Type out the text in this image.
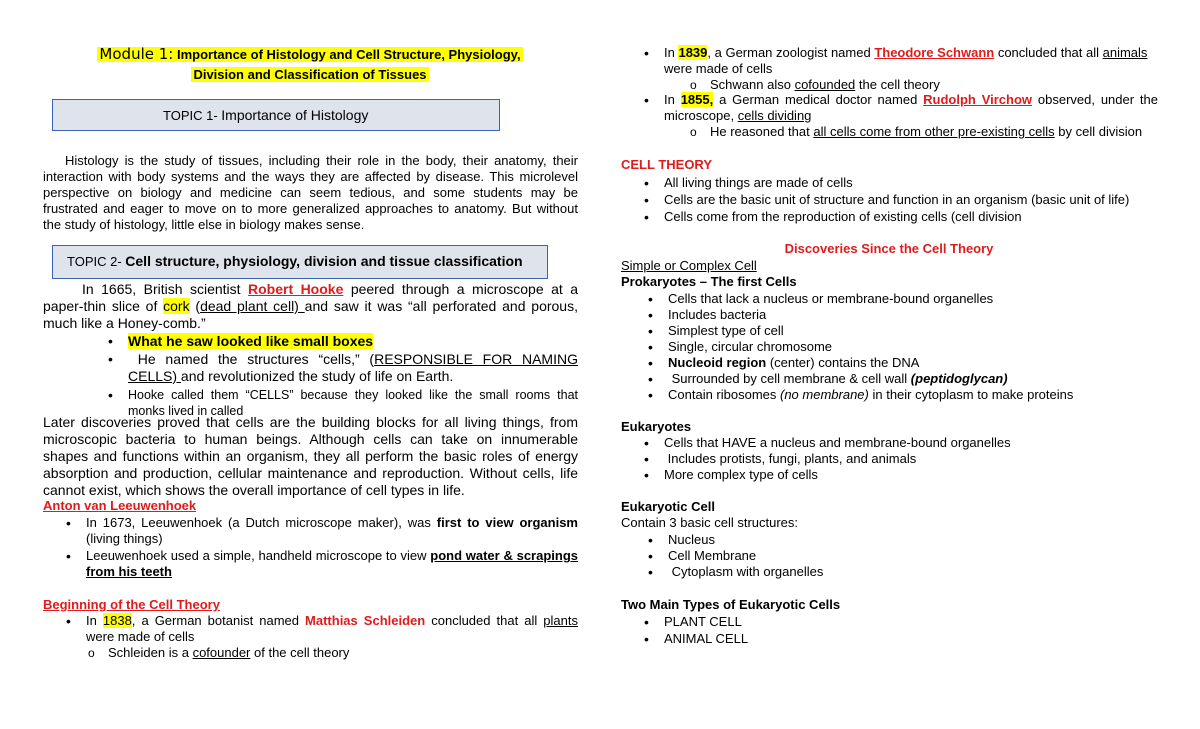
Module 1: Importance of Histology and Cell Structure, Physiology,
Division and Classification of Tissues
TOPIC 1- Importance of Histology
Histology is the study of tissues, including their role in the body, their anatomy, their interaction with body systems and the ways they are affected by disease. This microlevel perspective on biology and medicine can seem tedious, and some students may be frustrated and eager to move on to more generalized approaches to anatomy. But without the study of histology, little else in biology makes sense.
TOPIC 2- Cell structure, physiology, division and tissue classification
In 1665, British scientist Robert Hooke peered through a microscope at a paper-thin slice of cork (dead plant cell) and saw it was “all perforated and porous, much like a Honey-comb.”
• What he saw looked like small boxes
• He named the structures “cells,” (RESPONSIBLE FOR NAMING CELLS) and revolutionized the study of life on Earth.
• Hooke called them “CELLS” because they looked like the small rooms that monks lived in called
Later discoveries proved that cells are the building blocks for all living things, from microscopic bacteria to human beings. Although cells can take on innumerable shapes and functions within an organism, they all perform the basic roles of energy absorption and production, cellular maintenance and reproduction. Without cells, life cannot exist, which shows the overall importance of cell types in life.
Anton van Leeuwenhoek
• In 1673, Leeuwenhoek (a Dutch microscope maker), was first to view organism (living things)
• Leeuwenhoek used a simple, handheld microscope to view pond water & scrapings from his teeth
Beginning of the Cell Theory
• In 1838, a German botanist named Matthias Schleiden concluded that all plants were made of cells
o Schleiden is a cofounder of the cell theory
• In 1839, a German zoologist named Theodore Schwann concluded that all animals were made of cells
o Schwann also cofounded the cell theory
• In 1855, a German medical doctor named Rudolph Virchow observed, under the microscope, cells dividing
o He reasoned that all cells come from other pre-existing cells by cell division
CELL THEORY
• All living things are made of cells
• Cells are the basic unit of structure and function in an organism (basic unit of life)
• Cells come from the reproduction of existing cells (cell division
Discoveries Since the Cell Theory
Simple or Complex Cell
Prokaryotes – The first Cells
• Cells that lack a nucleus or membrane-bound organelles
• Includes bacteria
• Simplest type of cell
• Single, circular chromosome
• Nucleoid region (center) contains the DNA
• Surrounded by cell membrane & cell wall (peptidoglycan)
• Contain ribosomes (no membrane) in their cytoplasm to make proteins
Eukaryotes
• Cells that HAVE a nucleus and membrane-bound organelles
• Includes protists, fungi, plants, and animals
• More complex type of cells
Eukaryotic Cell
Contain 3 basic cell structures:
• Nucleus
• Cell Membrane
• Cytoplasm with organelles
Two Main Types of Eukaryotic Cells
• PLANT CELL
• ANIMAL CELL
